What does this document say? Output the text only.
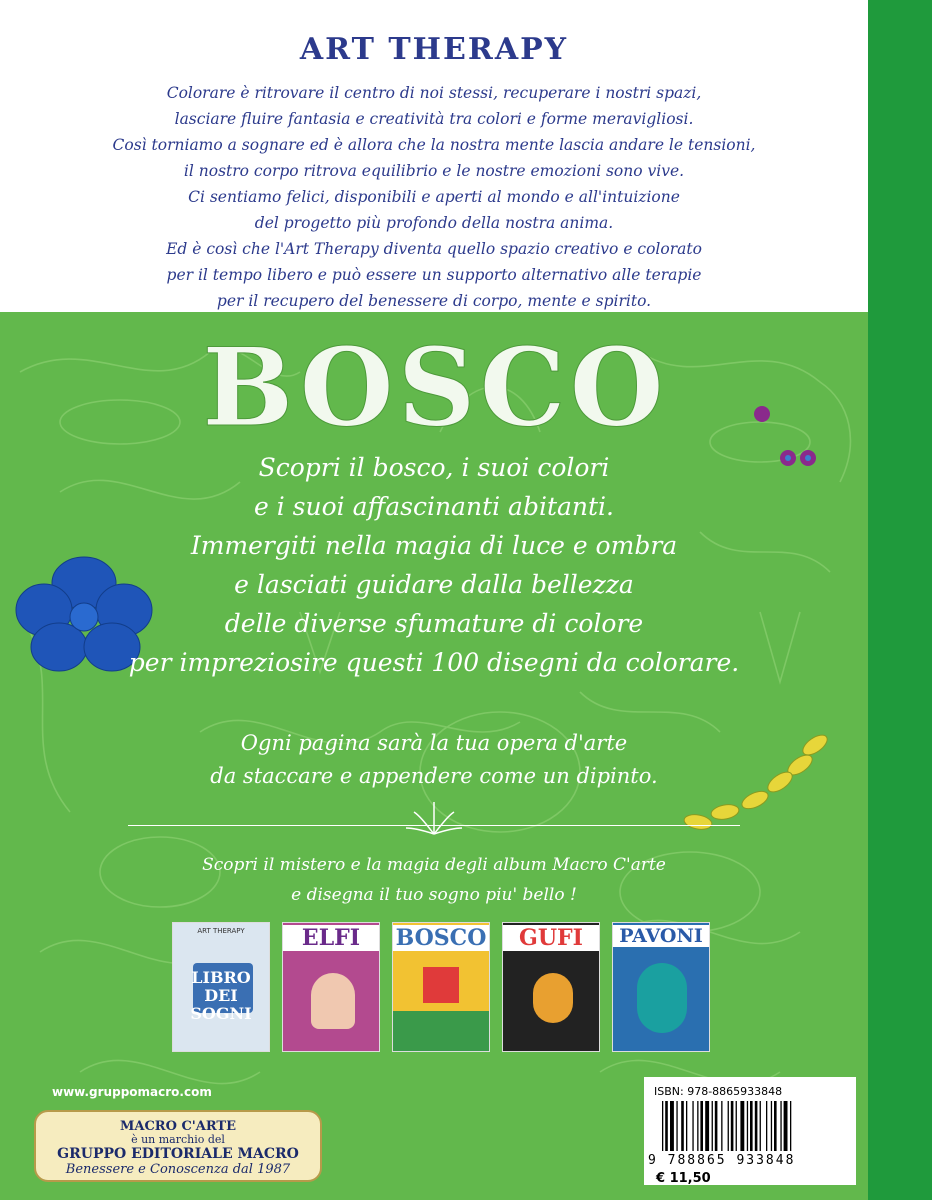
ART THERAPY
Colorare è ritrovare il centro di noi stessi, recuperare i nostri spazi,
lasciare fluire fantasia e creatività tra colori e forme meravigliosi.
Così torniamo a sognare ed è allora che la nostra mente lascia andare le tensioni,
il nostro corpo ritrova equilibrio e le nostre emozioni sono vive.
Ci sentiamo felici, disponibili e aperti al mondo e all'intuizione
del progetto più profondo della nostra anima.
Ed è così che l'Art Therapy diventa quello spazio creativo e colorato
per il tempo libero e può essere un supporto alternativo alle terapie
per il recupero del benessere di corpo, mente e spirito.
BOSCO
Scopri il bosco, i suoi colori
e i suoi affascinanti abitanti.
Immergiti nella magia di luce e ombra
e lasciati guidare dalla bellezza
delle diverse sfumature di colore
per impreziosire questi 100 disegni da colorare.
Ogni pagina sarà la tua opera d'arte
da staccare e appendere come un dipinto.
Scopri il mistero e la magia degli album Macro C'arte
e disegna il tuo sogno piu' bello !
ART THERAPY
LIBRO DEI SOGNI
ELFI	BOSCO	GUFI	PAVONI
www.gruppomacro.com
MACRO C'ARTE
è un marchio del
GRUPPO EDITORIALE MACRO
Benessere e Conoscenza dal 1987
ISBN: 978-8865933848
9 788865 933848
€ 11,50
